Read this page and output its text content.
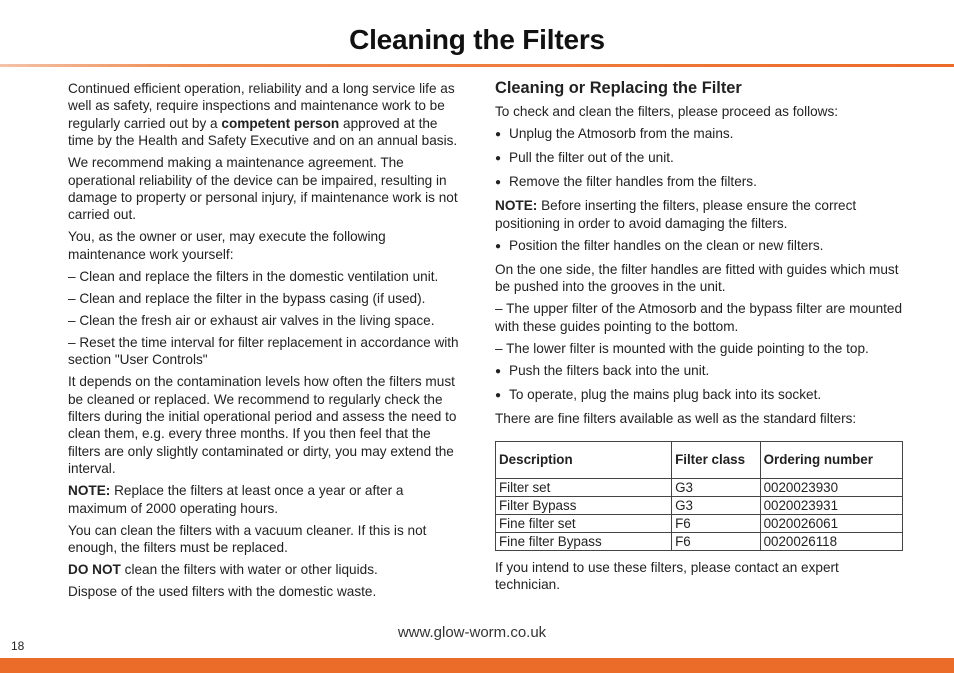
Cleaning the Filters

Continued efficient operation, reliability and a long service life as well as safety, require inspections and maintenance work to be regularly carried out by a competent person approved at the time by the Health and Safety Executive and on an annual basis.

We recommend making a maintenance agreement. The operational reliability of the device can be impaired, resulting in damage to property or personal injury, if maintenance work is not carried out.

You, as the owner or user, may execute the following maintenance work yourself:

– Clean and replace the filters in the domestic ventilation unit.

– Clean and replace the filter in the bypass casing (if used).

– Clean the fresh air or exhaust air valves in the living space.

– Reset the time interval for filter replacement in accordance with section "User Controls"

It depends on the contamination levels how often the filters must be cleaned or replaced. We recommend to regularly check the filters during the initial operational period and assess the need to clean them, e.g. every three months. If you then feel that the filters are only slightly contaminated or dirty, you may extend the interval.

NOTE: Replace the filters at least once a year or after a maximum of 2000 operating hours.

You can clean the filters with a vacuum cleaner. If this is not enough, the filters must be replaced.

DO NOT clean the filters with water or other liquids.

Dispose of the used filters with the domestic waste.

Cleaning or Replacing the Filter

To check and clean the filters, please proceed as follows:

● Unplug the Atmosorb from the mains.

● Pull the filter out of the unit.

● Remove the filter handles from the filters.

NOTE: Before inserting the filters, please ensure the correct positioning in order to avoid damaging the filters.

● Position the filter handles on the clean or new filters.

On the one side, the filter handles are fitted with guides which must be pushed into the grooves in the unit.

– The upper filter of the Atmosorb and the bypass filter are mounted with these guides pointing to the bottom.

– The lower filter is mounted with the guide pointing to the top.

● Push the filters back into the unit.

● To operate, plug the mains plug back into its socket.

There are fine filters available as well as the standard filters:

Description	Filter class	Ordering number
Filter set	G3	0020023930
Filter Bypass	G3	0020023931
Fine filter set	F6	0020026061
Fine filter Bypass	F6	0020026118

If you intend to use these filters, please contact an expert technician.

www.glow-worm.co.uk
18
